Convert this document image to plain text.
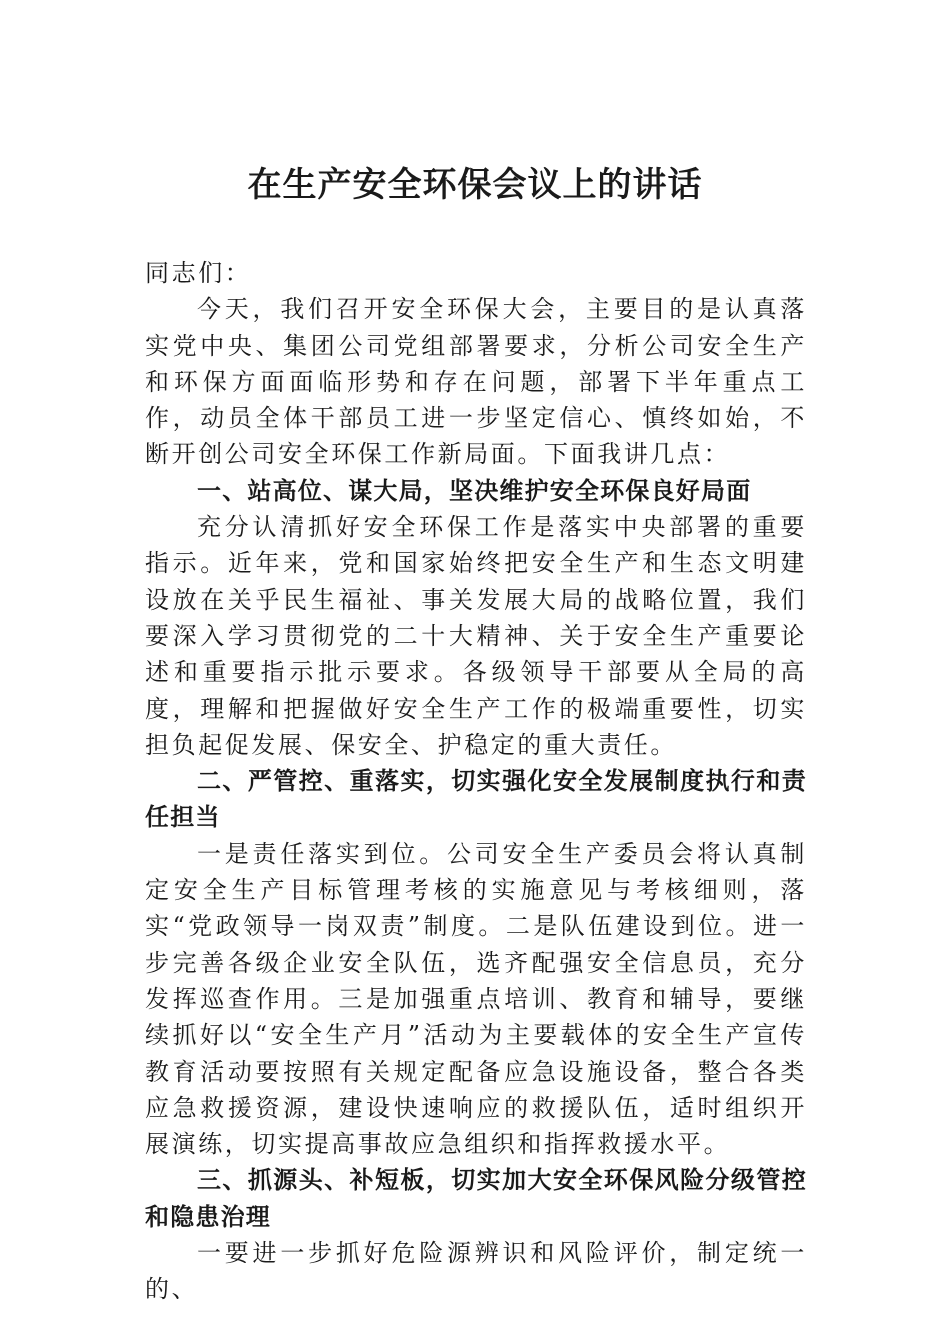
在生产安全环保会议上的讲话

同志们：

今天，我们召开安全环保大会，主要目的是认真落实党中央、集团公司党组部署要求，分析公司安全生产和环保方面面临形势和存在问题，部署下半年重点工作，动员全体干部员工进一步坚定信心、慎终如始，不断开创公司安全环保工作新局面。下面我讲几点：

一、站高位、谋大局，坚决维护安全环保良好局面

充分认清抓好安全环保工作是落实中央部署的重要指示。近年来，党和国家始终把安全生产和生态文明建设放在关乎民生福祉、事关发展大局的战略位置，我们要深入学习贯彻党的二十大精神、关于安全生产重要论述和重要指示批示要求。各级领导干部要从全局的高度，理解和把握做好安全生产工作的极端重要性，切实担负起促发展、保安全、护稳定的重大责任。

二、严管控、重落实，切实强化安全发展制度执行和责任担当

一是责任落实到位。公司安全生产委员会将认真制定安全生产目标管理考核的实施意见与考核细则，落实“党政领导一岗双责”制度。二是队伍建设到位。进一步完善各级企业安全队伍，选齐配强安全信息员，充分发挥巡查作用。三是加强重点培训、教育和辅导，要继续抓好以“安全生产月”活动为主要载体的安全生产宣传教育活动要按照有关规定配备应急设施设备，整合各类应急救援资源，建设快速响应的救援队伍，适时组织开展演练，切实提高事故应急组织和指挥救援水平。

三、抓源头、补短板，切实加大安全环保风险分级管控和隐患治理

一要进一步抓好危险源辨识和风险评价，制定统一的、
